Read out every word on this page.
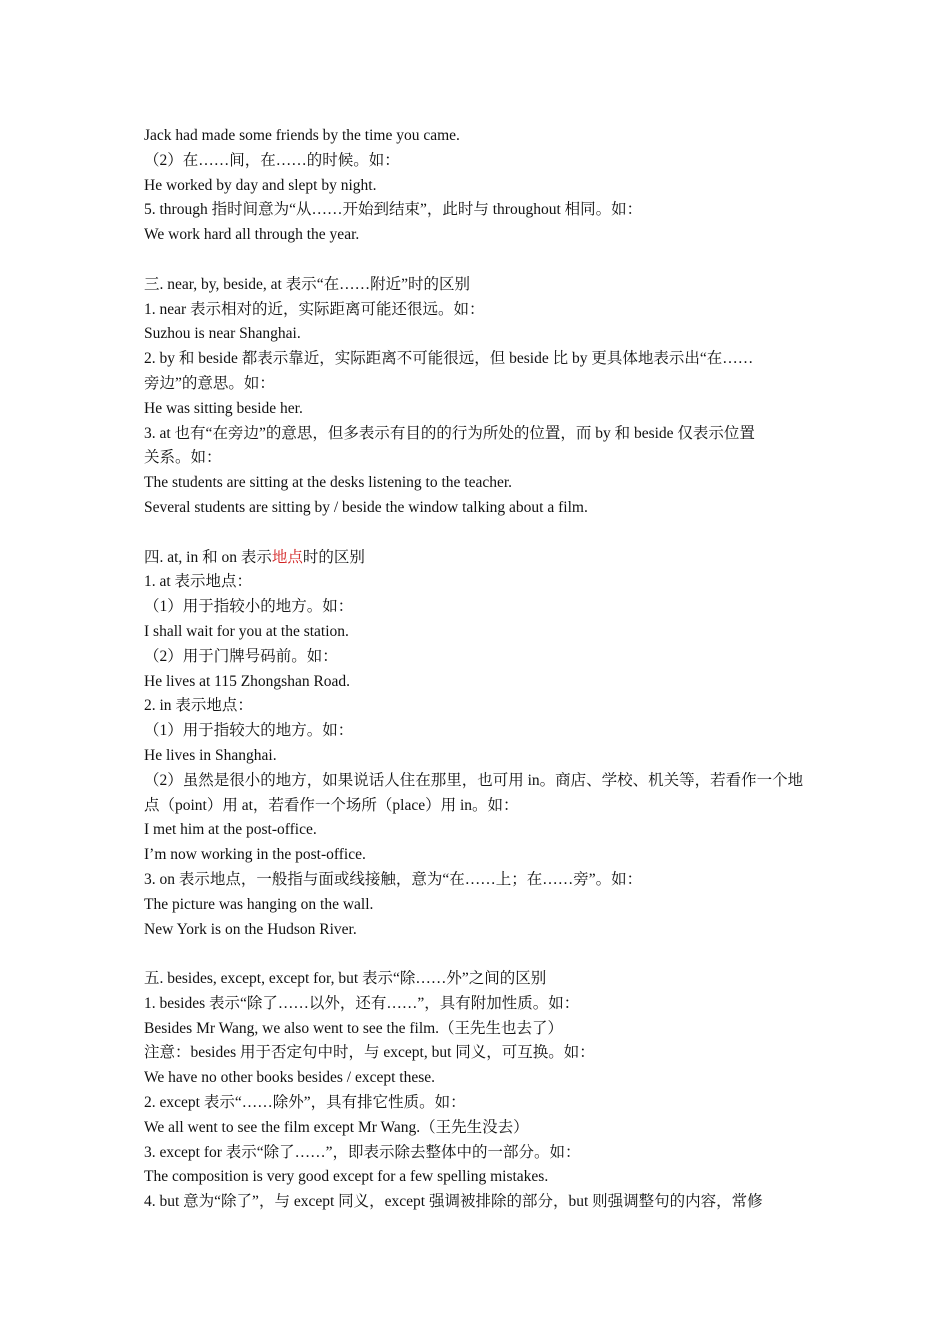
Jack had made some friends by the time you came.
（2）在……间，在……的时候。如：
He worked by day and slept by night.
5. through 指时间意为“从……开始到结束”，此时与 throughout 相同。如：
We work hard all through the year.
三. near, by, beside, at 表示“在……附近”时的区别
1. near 表示相对的近，实际距离可能还很远。如：
Suzhou is near Shanghai.
2. by 和 beside 都表示靠近，实际距离不可能很远，但 beside 比 by 更具体地表示出“在……
旁边”的意思。如：
He was sitting beside her.
3. at 也有“在旁边”的意思，但多表示有目的的行为所处的位置，而 by 和 beside 仅表示位置
关系。如：
The students are sitting at the desks listening to the teacher.
Several students are sitting by / beside the window talking about a film.
四. at, in 和 on 表示地点时的区别
1. at 表示地点：
（1）用于指较小的地方。如：
I shall wait for you at the station.
（2）用于门牌号码前。如：
He lives at 115 Zhongshan Road.
2. in 表示地点：
（1）用于指较大的地方。如：
He lives in Shanghai.
（2）虽然是很小的地方，如果说话人住在那里，也可用 in。商店、学校、机关等，若看作一个地
点（point）用 at，若看作一个场所（place）用 in。如：
I met him at the post-office.
I’m now working in the post-office.
3. on 表示地点，一般指与面或线接触，意为“在……上；在……旁”。如：
The picture was hanging on the wall.
New York is on the Hudson River.
五. besides, except, except for, but 表示“除……外”之间的区别
1. besides 表示“除了……以外，还有……”，具有附加性质。如：
Besides Mr Wang, we also went to see the film.（王先生也去了）
注意：besides 用于否定句中时，与 except, but 同义，可互换。如：
We have no other books besides / except these.
2. except 表示“……除外”，具有排它性质。如：
We all went to see the film except Mr Wang.（王先生没去）
3. except for 表示“除了……”，即表示除去整体中的一部分。如：
The composition is very good except for a few spelling mistakes.
4. but 意为“除了”，与 except 同义，except 强调被排除的部分，but 则强调整句的内容，常修
